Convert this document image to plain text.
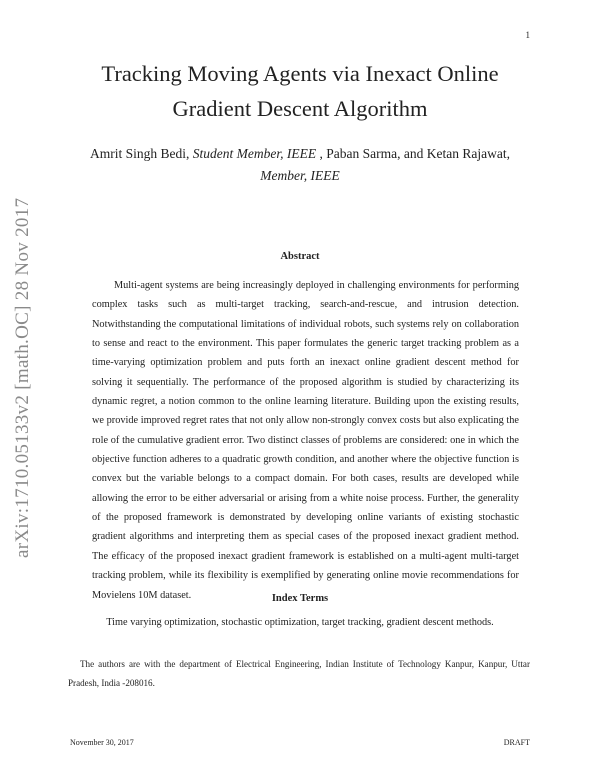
1
arXiv:1710.05133v2 [math.OC] 28 Nov 2017
Tracking Moving Agents via Inexact Online
Gradient Descent Algorithm
Amrit Singh Bedi, Student Member, IEEE , Paban Sarma, and Ketan Rajawat,
Member, IEEE
Abstract

Multi-agent systems are being increasingly deployed in challenging environments for performing complex tasks such as multi-target tracking, search-and-rescue, and intrusion detection. Notwithstanding the computational limitations of individual robots, such systems rely on collaboration to sense and react to the environment. This paper formulates the generic target tracking problem as a time-varying optimization problem and puts forth an inexact online gradient descent method for solving it sequentially. The performance of the proposed algorithm is studied by characterizing its dynamic regret, a notion common to the online learning literature. Building upon the existing results, we provide improved regret rates that not only allow non-strongly convex costs but also explicating the role of the cumulative gradient error. Two distinct classes of problems are considered: one in which the objective function adheres to a quadratic growth condition, and another where the objective function is convex but the variable belongs to a compact domain. For both cases, results are developed while allowing the error to be either adversarial or arising from a white noise process. Further, the generality of the proposed framework is demonstrated by developing online variants of existing stochastic gradient algorithms and interpreting them as special cases of the proposed inexact gradient method. The efficacy of the proposed inexact gradient framework is established on a multi-agent multi-target tracking problem, while its flexibility is exemplified by generating online movie recommendations for Movielens 10M dataset.	Index Terms
Time varying optimization, stochastic optimization, target tracking, gradient descent methods.

The authors are with the department of Electrical Engineering, Indian Institute of Technology Kanpur, Kanpur, Uttar Pradesh, India -208016.

November 30, 2017	DRAFT
